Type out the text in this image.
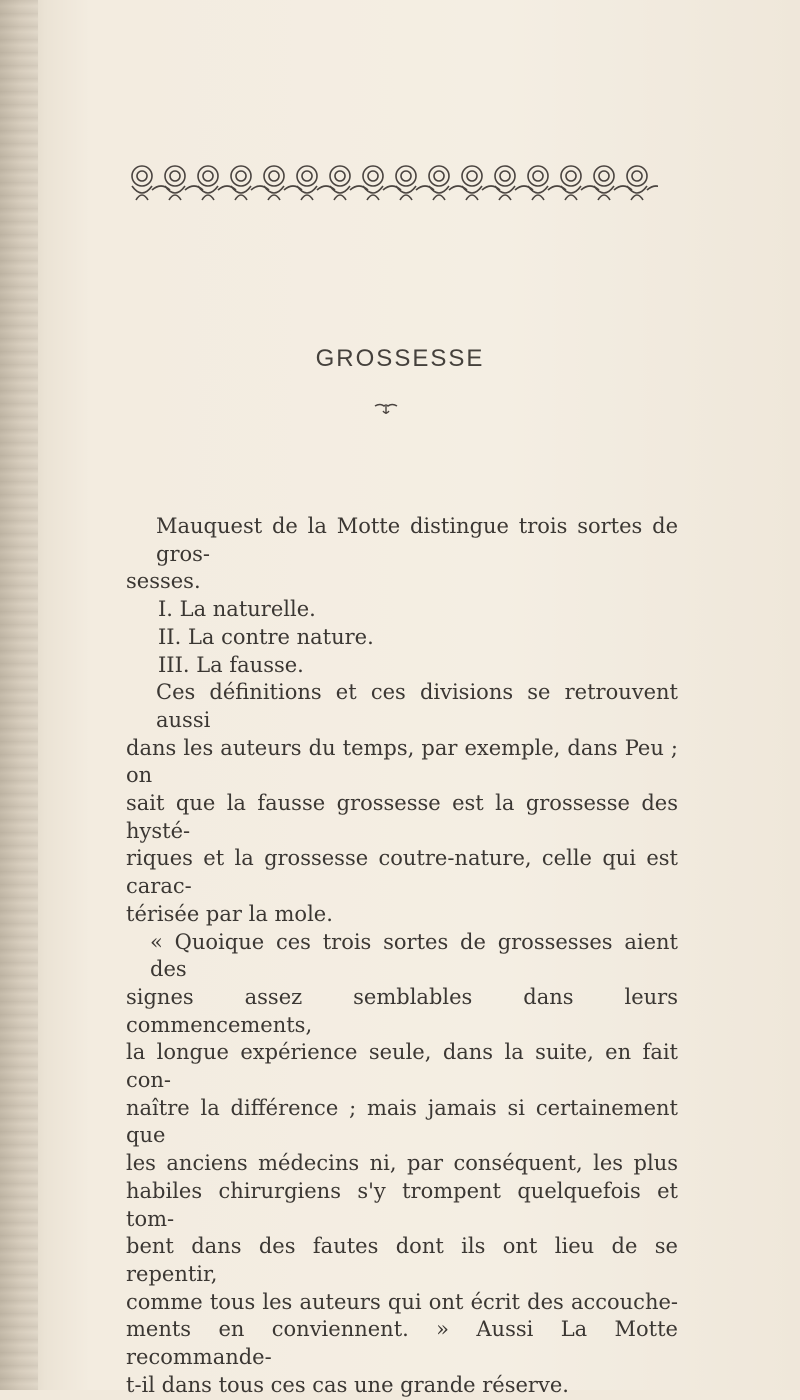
GROSSESSE
Mauquest de la Motte distingue trois sortes de gros-
sesses.
I. La naturelle.
II. La contre nature.
III. La fausse.
Ces définitions et ces divisions se retrouvent aussi
dans les auteurs du temps, par exemple, dans Peu ; on
sait que la fausse grossesse est la grossesse des hysté-
riques et la grossesse coutre-nature, celle qui est carac-
térisée par la mole.
« Quoique ces trois sortes de grossesses aient des
signes assez semblables dans leurs commencements,
la longue expérience seule, dans la suite, en fait con-
naître la différence ; mais jamais si certainement que
les anciens médecins ni, par conséquent, les plus
habiles chirurgiens s'y trompent quelquefois et tom-
bent dans des fautes dont ils ont lieu de se repentir,
comme tous les auteurs qui ont écrit des accouche-
ments en conviennent. » Aussi La Motte recommande-
t-il dans tous ces cas une grande réserve.
